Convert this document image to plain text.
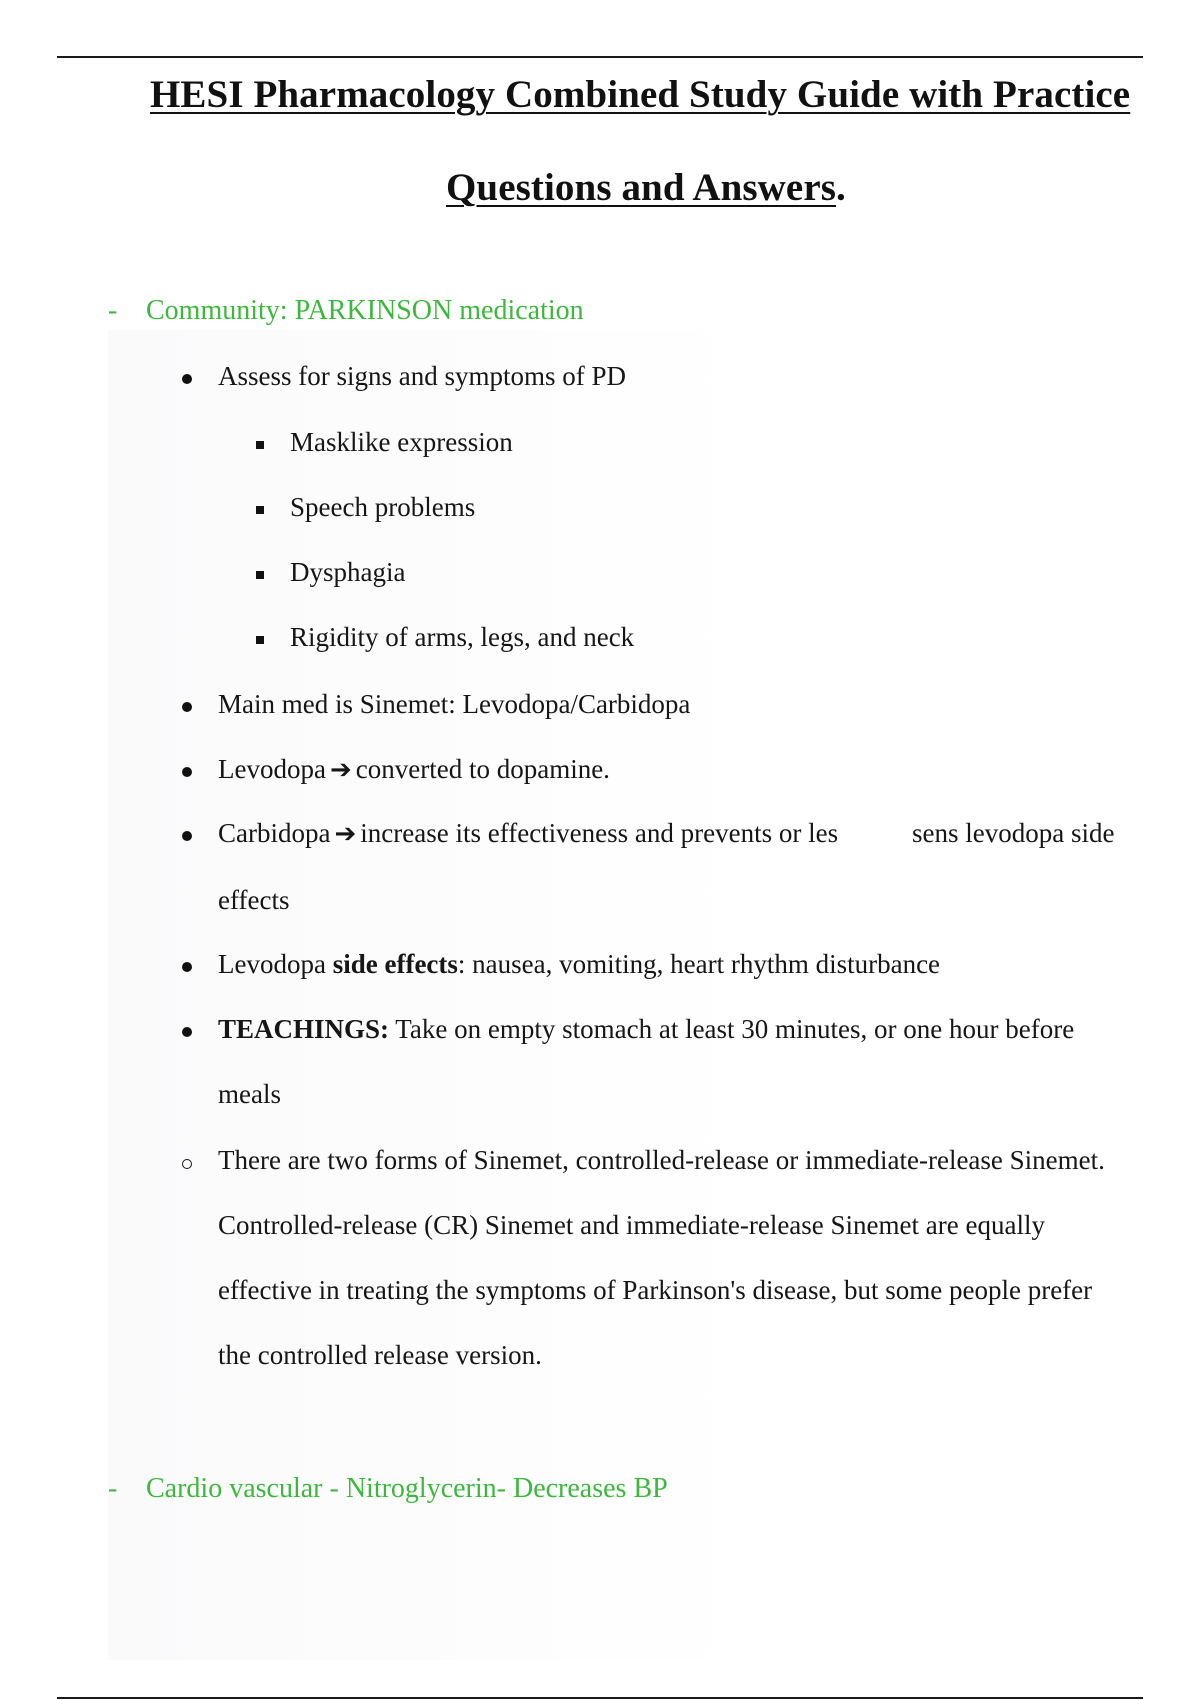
HESI Pharmacology Combined Study Guide with Practice
Questions and Answers.
- Community: PARKINSON medication
Assess for signs and symptoms of PD
Masklike expression
Speech problems
Dysphagia
Rigidity of arms, legs, and neck
Main med is Sinemet: Levodopa/Carbidopa
Levodopa ➔ converted to dopamine.
Carbidopa ➔ increase its effectiveness and prevents or les	sens levodopa side
effects
Levodopa side effects: nausea, vomiting, heart rhythm disturbance
TEACHINGS: Take on empty stomach at least 30 minutes, or one hour before
meals
There are two forms of Sinemet, controlled-release or immediate-release Sinemet.
Controlled-release (CR) Sinemet and immediate-release Sinemet are equally
effective in treating the symptoms of Parkinson's disease, but some people prefer
the controlled release version.
- Cardio vascular - Nitroglycerin- Decreases BP
